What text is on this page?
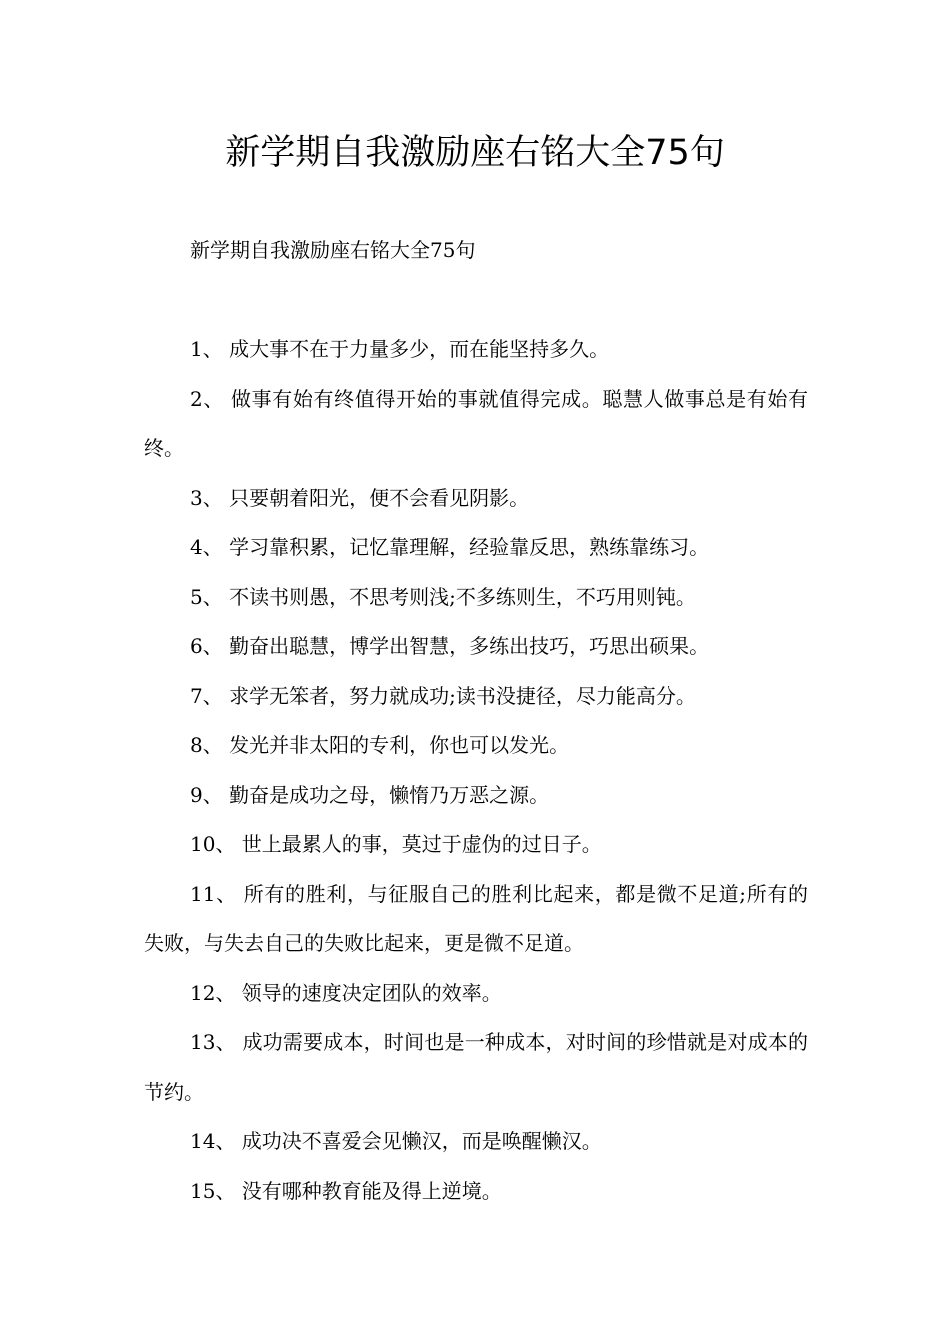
新学期自我激励座右铭大全75句

新学期自我激励座右铭大全75句

1、 成大事不在于力量多少，而在能坚持多久。

2、 做事有始有终值得开始的事就值得完成。聪慧人做事总是有始有终。

3、 只要朝着阳光，便不会看见阴影。

4、 学习靠积累，记忆靠理解，经验靠反思，熟练靠练习。

5、 不读书则愚，不思考则浅;不多练则生，不巧用则钝。

6、 勤奋出聪慧，博学出智慧，多练出技巧，巧思出硕果。

7、 求学无笨者，努力就成功;读书没捷径，尽力能高分。

8、 发光并非太阳的专利，你也可以发光。

9、 勤奋是成功之母，懒惰乃万恶之源。

10、 世上最累人的事，莫过于虚伪的过日子。

11、 所有的胜利，与征服自己的胜利比起来，都是微不足道;所有的失败，与失去自己的失败比起来，更是微不足道。

12、 领导的速度决定团队的效率。

13、 成功需要成本，时间也是一种成本，对时间的珍惜就是对成本的节约。

14、 成功决不喜爱会见懒汉，而是唤醒懒汉。

15、 没有哪种教育能及得上逆境。
